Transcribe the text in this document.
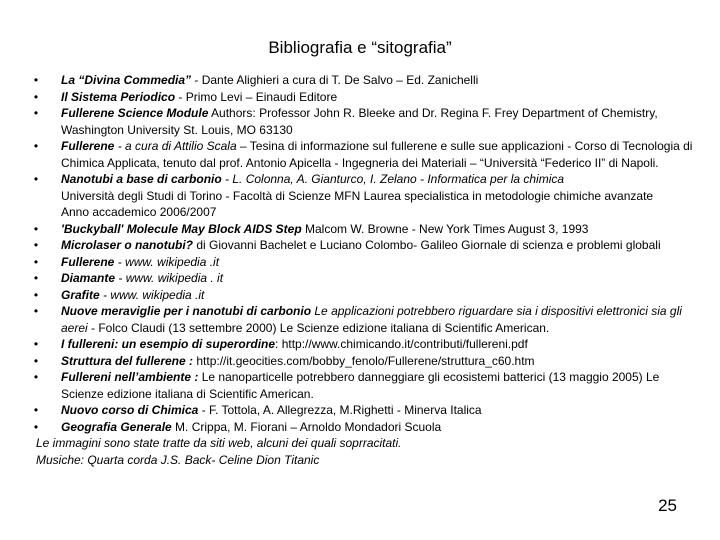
Bibliografia e “sitografia”
•	La “Divina Commedia” - Dante Alighieri a cura di T. De Salvo – Ed. Zanichelli
•	Il Sistema Periodico - Primo Levi – Einaudi Editore
•	Fullerene Science Module Authors: Professor John R. Bleeke and Dr. Regina F. Frey Department of Chemistry, Washington University St. Louis, MO 63130
•	Fullerene - a cura di Attilio Scala – Tesina di informazione sul fullerene e sulle sue applicazioni - Corso di Tecnologia di Chimica Applicata, tenuto dal prof. Antonio Apicella - Ingegneria dei Materiali – “Università “Federico II” di Napoli.
•	Nanotubi a base di carbonio - L. Colonna, A. Gianturco, I. Zelano - Informatica per la chimica
Università degli Studi di Torino - Facoltà di Scienze MFN Laurea specialistica in metodologie chimiche avanzate
Anno accademico 2006/2007
•	'Buckyball' Molecule May Block AIDS Step Malcom W. Browne - New York Times August 3, 1993
•	Microlaser o nanotubi? di Giovanni Bachelet e Luciano Colombo- Galileo Giornale di scienza e problemi globali
•	Fullerene - www. wikipedia .it
•	Diamante - www. wikipedia . it
•	Grafite - www. wikipedia .it
•	Nuove meraviglie per i nanotubi di carbonio Le applicazioni potrebbero riguardare sia i dispositivi elettronici sia gli aerei - Folco Claudi (13 settembre 2000) Le Scienze edizione italiana di Scientific American.
•	I fullereni: un esempio di superordine: http://www.chimicando.it/contributi/fullereni.pdf
•	Struttura del fullerene : http://it.geocities.com/bobby_fenolo/Fullerene/struttura_c60.htm
•	Fullereni nell’ambiente : Le nanoparticelle potrebbero danneggiare gli ecosistemi batterici (13 maggio 2005) Le Scienze edizione italiana di Scientific American.
•	Nuovo corso di Chimica - F. Tottola, A. Allegrezza, M.Righetti - Minerva Italica
•	Geografia Generale M. Crippa, M. Fiorani – Arnoldo Mondadori Scuola
Le immagini sono state tratte da siti web, alcuni dei quali soprracitati.
Musiche: Quarta corda J.S. Back- Celine Dion Titanic
25
